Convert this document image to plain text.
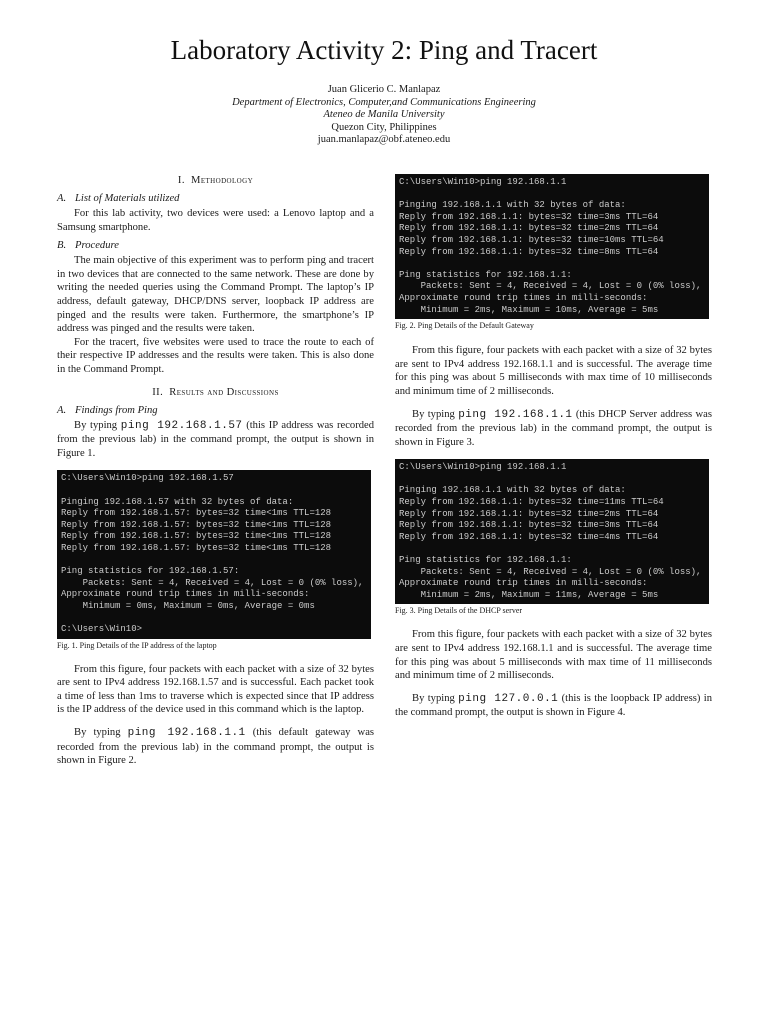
Laboratory Activity 2: Ping and Tracert
Juan Glicerio C. Manlapaz
Department of Electronics, Computer,and Communications Engineering
Ateneo de Manila University
Quezon City, Philippines
juan.manlapaz@obf.ateneo.edu
I. Methodology
A. List of Materials utilized

For this lab activity, two devices were used: a Lenovo laptop and a Samsung smartphone.

B. Procedure

The main objective of this experiment was to perform ping and tracert in two devices that are connected to the same network. These are done by writing the needed queries using the Command Prompt. The laptop’s IP address, default gateway, DHCP/DNS server, loopback IP address are pinged and the results were taken. Furthermore, the smartphone’s IP address was pinged and the results were taken.

For the tracert, five websites were used to trace the route to each of their respective IP addresses and the results were taken. This is also done in the Command Prompt.

II. Results and Discussions
A. Findings from Ping

By typing ping 192.168.1.57 (this IP address was recorded from the previous lab) in the command prompt, the output is shown in Figure 1.

C:\Users\Win10>ping 192.168.1.57

Pinging 192.168.1.57 with 32 bytes of data:
Reply from 192.168.1.57: bytes=32 time<1ms TTL=128
Reply from 192.168.1.57: bytes=32 time<1ms TTL=128
Reply from 192.168.1.57: bytes=32 time<1ms TTL=128
Reply from 192.168.1.57: bytes=32 time<1ms TTL=128

Ping statistics for 192.168.1.57:
Packets: Sent = 4, Received = 4, Lost = 0 (0% loss),
Approximate round trip times in milli-seconds:
Minimum = 0ms, Maximum = 0ms, Average = 0ms

C:\Users\Win10>
Fig. 1. Ping Details of the IP address of the laptop

From this figure, four packets with each packet with a size of 32 bytes are sent to IPv4 address 192.168.1.57 and is successful. Each packet took a time of less than 1ms to traverse which is expected since that IP address is the IP address of the device used in this command which is the laptop.

By typing ping 192.168.1.1 (this default gateway was recorded from the previous lab) in the command prompt, the output is shown in Figure 2.

C:\Users\Win10>ping 192.168.1.1

Pinging 192.168.1.1 with 32 bytes of data:
Reply from 192.168.1.1: bytes=32 time=3ms TTL=64
Reply from 192.168.1.1: bytes=32 time=2ms TTL=64
Reply from 192.168.1.1: bytes=32 time=10ms TTL=64
Reply from 192.168.1.1: bytes=32 time=8ms TTL=64

Ping statistics for 192.168.1.1:
Packets: Sent = 4, Received = 4, Lost = 0 (0% loss),
Approximate round trip times in milli-seconds:
Minimum = 2ms, Maximum = 10ms, Average = 5ms
Fig. 2. Ping Details of the Default Gateway

From this figure, four packets with each packet with a size of 32 bytes are sent to IPv4 address 192.168.1.1 and is successful. The average time for this ping was about 5 milliseconds with max time of 10 milliseconds and minimum time of 2 milliseconds.

By typing ping 192.168.1.1 (this DHCP Server address was recorded from the previous lab) in the command prompt, the output is shown in Figure 3.

C:\Users\Win10>ping 192.168.1.1

Pinging 192.168.1.1 with 32 bytes of data:
Reply from 192.168.1.1: bytes=32 time=11ms TTL=64
Reply from 192.168.1.1: bytes=32 time=2ms TTL=64
Reply from 192.168.1.1: bytes=32 time=3ms TTL=64
Reply from 192.168.1.1: bytes=32 time=4ms TTL=64

Ping statistics for 192.168.1.1:
Packets: Sent = 4, Received = 4, Lost = 0 (0% loss),
Approximate round trip times in milli-seconds:
Minimum = 2ms, Maximum = 11ms, Average = 5ms
Fig. 3. Ping Details of the DHCP server

From this figure, four packets with each packet with a size of 32 bytes are sent to IPv4 address 192.168.1.1 and is successful. The average time for this ping was about 5 milliseconds with max time of 11 milliseconds and minimum time of 2 milliseconds.

By typing ping 127.0.0.1 (this is the loopback IP address) in the command prompt, the output is shown in Figure 4.
